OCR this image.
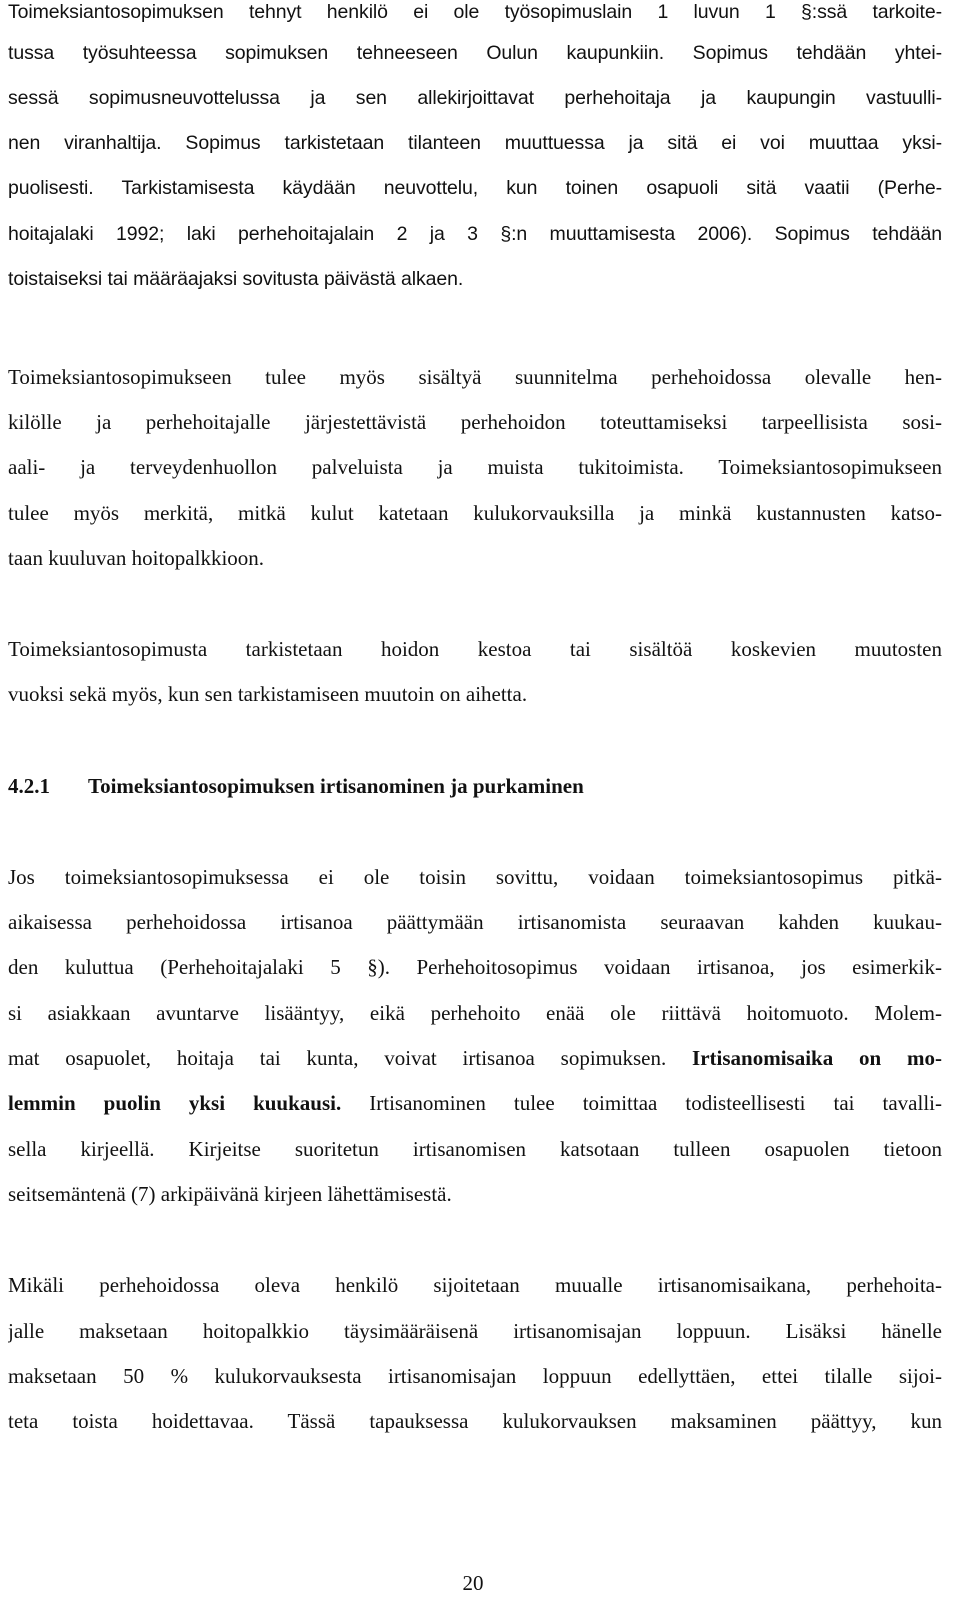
Toimeksiantosopimuksen tehnyt henkilö ei ole työsopimuslain 1 luvun 1 §:ssä tarkoite-
tussa työsuhteessa sopimuksen tehneeseen Oulun kaupunkiin. Sopimus tehdään yhtei-
sessä sopimusneuvottelussa ja sen allekirjoittavat perhehoitaja ja kaupungin vastuulli-
nen viranhaltija. Sopimus tarkistetaan tilanteen muuttuessa ja sitä ei voi muuttaa yksi-
puolisesti. Tarkistamisesta käydään neuvottelu, kun toinen osapuoli sitä vaatii (Perhe-
hoitajalaki 1992; laki perhehoitajalain 2 ja 3 §:n muuttamisesta 2006). Sopimus tehdään
toistaiseksi tai määräajaksi sovitusta päivästä alkaen.
Toimeksiantosopimukseen tulee myös sisältyä suunnitelma perhehoidossa olevalle hen-
kilölle ja perhehoitajalle järjestettävistä perhehoidon toteuttamiseksi tarpeellisista sosi-
aali- ja terveydenhuollon palveluista ja muista tukitoimista. Toimeksiantosopimukseen
tulee myös merkitä, mitkä kulut katetaan kulukorvauksilla ja minkä kustannusten katso-
taan kuuluvan hoitopalkkioon.
Toimeksiantosopimusta tarkistetaan hoidon kestoa tai sisältöä koskevien muutosten
vuoksi sekä myös, kun sen tarkistamiseen muutoin on aihetta.
4.2.1 Toimeksiantosopimuksen irtisanominen ja purkaminen
Jos toimeksiantosopimuksessa ei ole toisin sovittu, voidaan toimeksiantosopimus pitkä-
aikaisessa perhehoidossa irtisanoa päättymään irtisanomista seuraavan kahden kuukau-
den kuluttua (Perhehoitajalaki 5 §). Perhehoitosopimus voidaan irtisanoa, jos esimerkik-
si asiakkaan avuntarve lisääntyy, eikä perhehoito enää ole riittävä hoitomuoto. Molem-
mat osapuolet, hoitaja tai kunta, voivat irtisanoa sopimuksen. Irtisanomisaika on mo-
lemmin puolin yksi kuukausi. Irtisanominen tulee toimittaa todisteellisesti tai tavalli-
sella kirjeellä. Kirjeitse suoritetun irtisanomisen katsotaan tulleen osapuolen tietoon
seitsemäntenä (7) arkipäivänä kirjeen lähettämisestä.
Mikäli perhehoidossa oleva henkilö sijoitetaan muualle irtisanomisaikana, perhehoita-
jalle maksetaan hoitopalkkio täysimääräisenä irtisanomisajan loppuun. Lisäksi hänelle
maksetaan 50 % kulukorvauksesta irtisanomisajan loppuun edellyttäen, ettei tilalle sijoi-
teta toista hoidettavaa. Tässä tapauksessa kulukorvauksen maksaminen päättyy, kun
20
